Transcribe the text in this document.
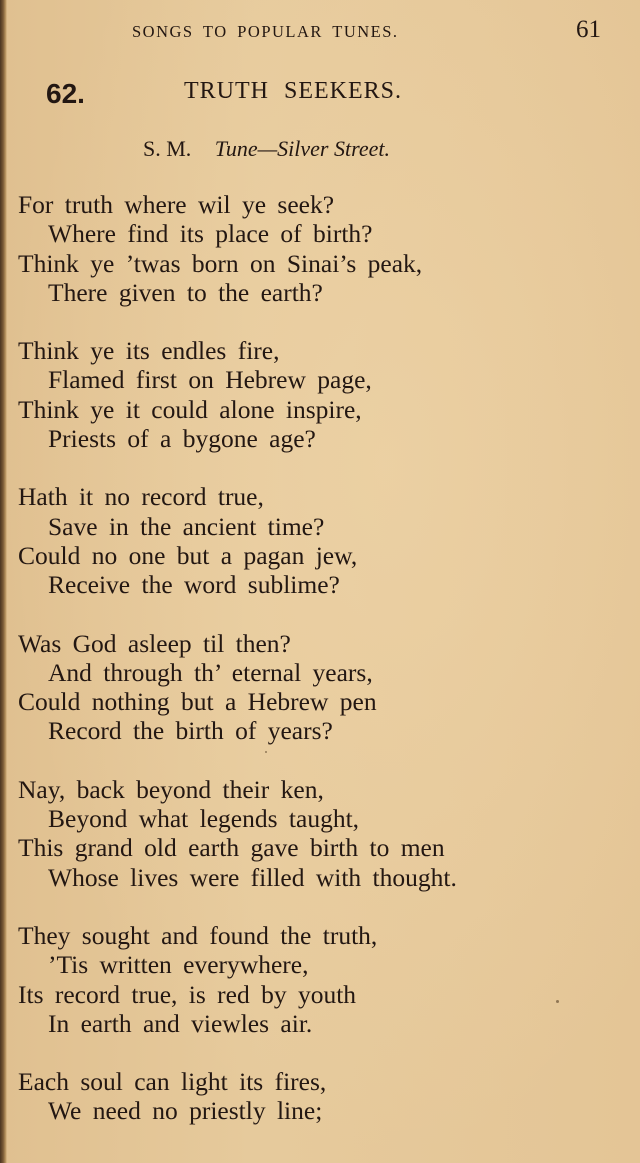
SONGS TO POPULAR TUNES.	61
62.	TRUTH SEEKERS.
S. M. Tune—Silver Street.
For truth where wil ye seek?
Where find its place of birth?
Think ye ’twas born on Sinai’s peak,
There given to the earth?
Think ye its endles fire,
Flamed first on Hebrew page,
Think ye it could alone inspire,
Priests of a bygone age?
Hath it no record true,
Save in the ancient time?
Could no one but a pagan jew,
Receive the word sublime?
Was God asleep til then?
And through th’ eternal years,
Could nothing but a Hebrew pen
Record the birth of years?
Nay, back beyond their ken,
Beyond what legends taught,
This grand old earth gave birth to men
Whose lives were filled with thought.
They sought and found the truth,
’Tis written everywhere,
Its record true, is red by youth
In earth and viewles air.
Each soul can light its fires,
We need no priestly line;
